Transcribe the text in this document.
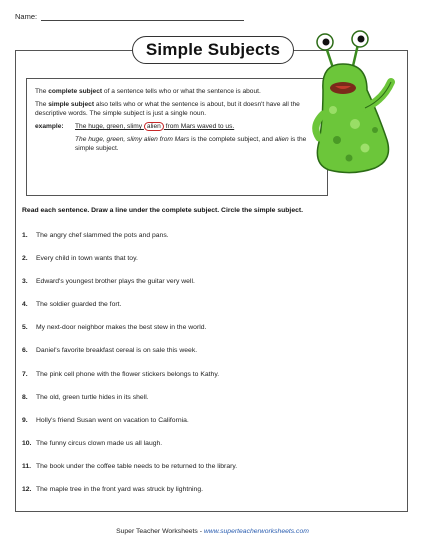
Name:
Simple Subjects

The complete subject of a sentence tells who or what the sentence is about.

The simple subject also tells who or what the sentence is about, but it doesn't have all the descriptive words. The simple subject is just a single noun.

example:	The huge, green, slimy alien from Mars waved to us.
The huge, green, slimy alien from Mars is the complete subject, and alien is the simple subject.
Read each sentence. Draw a line under the complete subject. Circle the simple subject.
1.	The angry chef slammed the pots and pans.
2.	Every child in town wants that toy.
3.	Edward's youngest brother plays the guitar very well.
4.	The soldier guarded the fort.
5.	My next-door neighbor makes the best stew in the world.
6.	Daniel's favorite breakfast cereal is on sale this week.
7.	The pink cell phone with the flower stickers belongs to Kathy.
8.	The old, green turtle hides in its shell.
9.	Holly's friend Susan went on vacation to California.
10. The funny circus clown made us all laugh.
11. The book under the coffee table needs to be returned to the library.
12. The maple tree in the front yard was struck by lightning.
Super Teacher Worksheets - www.superteacherworksheets.com
